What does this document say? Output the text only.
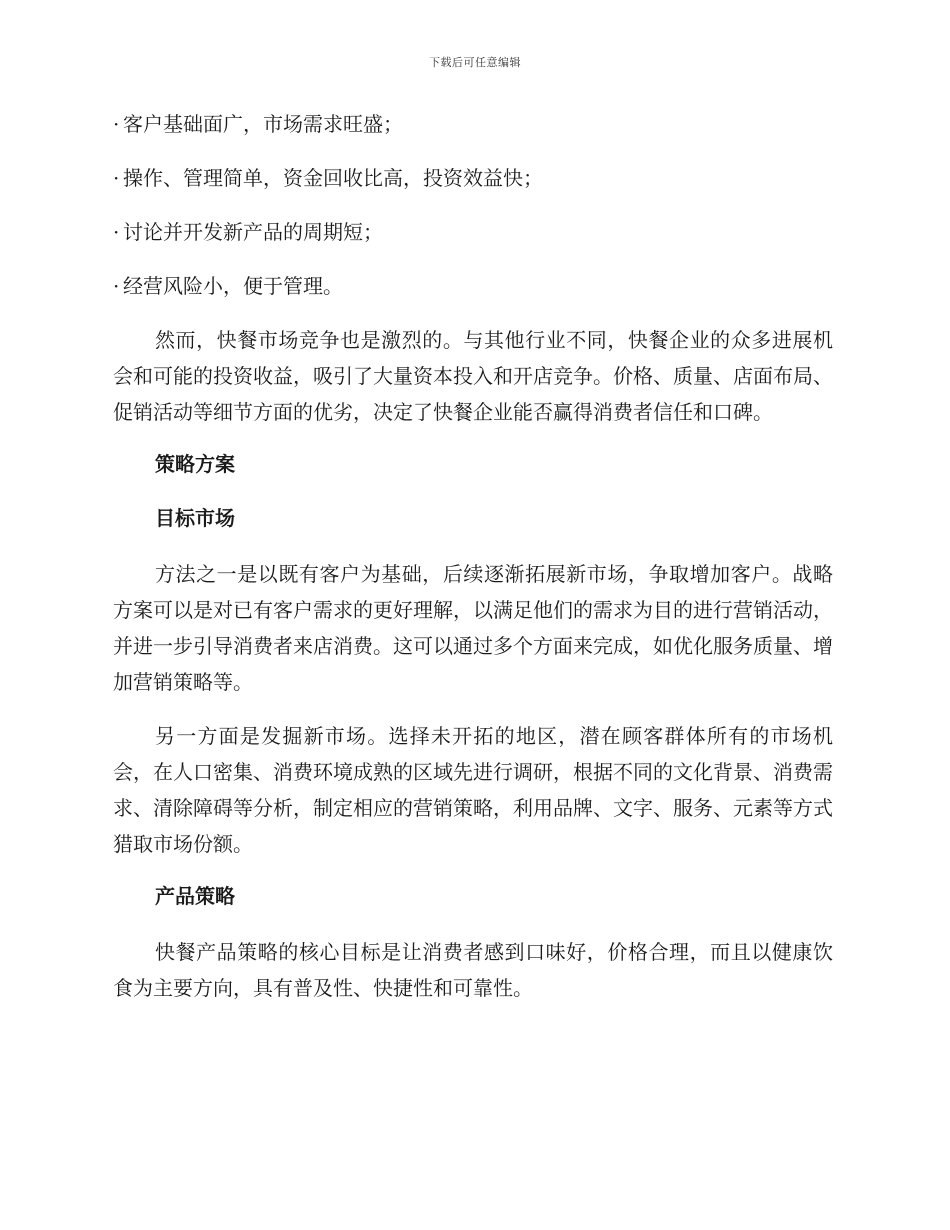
下载后可任意编辑
· 客户基础面广，市场需求旺盛；
· 操作、管理简单，资金回收比高，投资效益快；
· 讨论并开发新产品的周期短；
· 经营风险小，便于管理。

然而，快餐市场竞争也是激烈的。与其他行业不同，快餐企业的众多进展机会和可能的投资收益，吸引了大量资本投入和开店竞争。价格、质量、店面布局、促销活动等细节方面的优劣，决定了快餐企业能否赢得消费者信任和口碑。

策略方案
目标市场

方法之一是以既有客户为基础，后续逐渐拓展新市场，争取增加客户。战略方案可以是对已有客户需求的更好理解，以满足他们的需求为目的进行营销活动，并进一步引导消费者来店消费。这可以通过多个方面来完成，如优化服务质量、增加营销策略等。

另一方面是发掘新市场。选择未开拓的地区，潜在顾客群体所有的市场机会，在人口密集、消费环境成熟的区域先进行调研，根据不同的文化背景、消费需求、清除障碍等分析，制定相应的营销策略，利用品牌、文字、服务、元素等方式猎取市场份额。

产品策略

快餐产品策略的核心目标是让消费者感到口味好，价格合理，而且以健康饮食为主要方向，具有普及性、快捷性和可靠性。
